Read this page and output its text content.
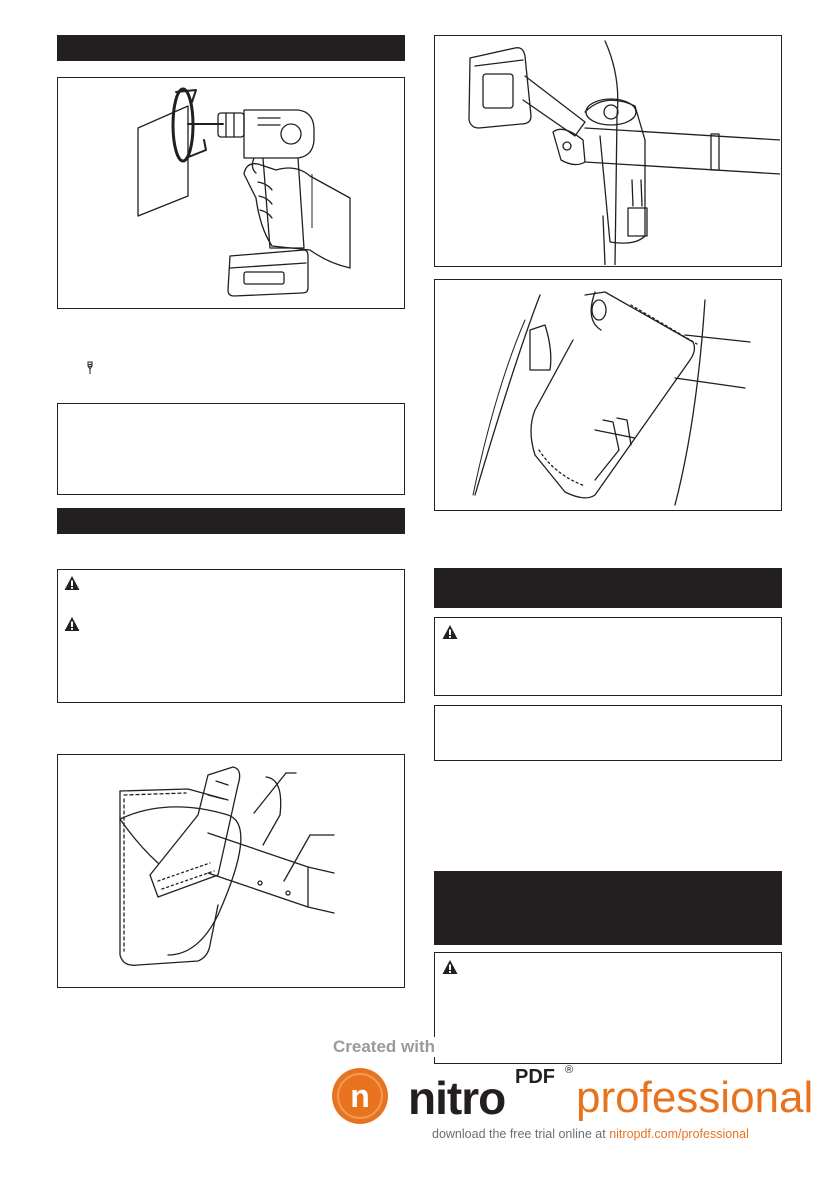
Created with
n nitro PDF ®
professional
download the free trial online at nitropdf.com/professional
